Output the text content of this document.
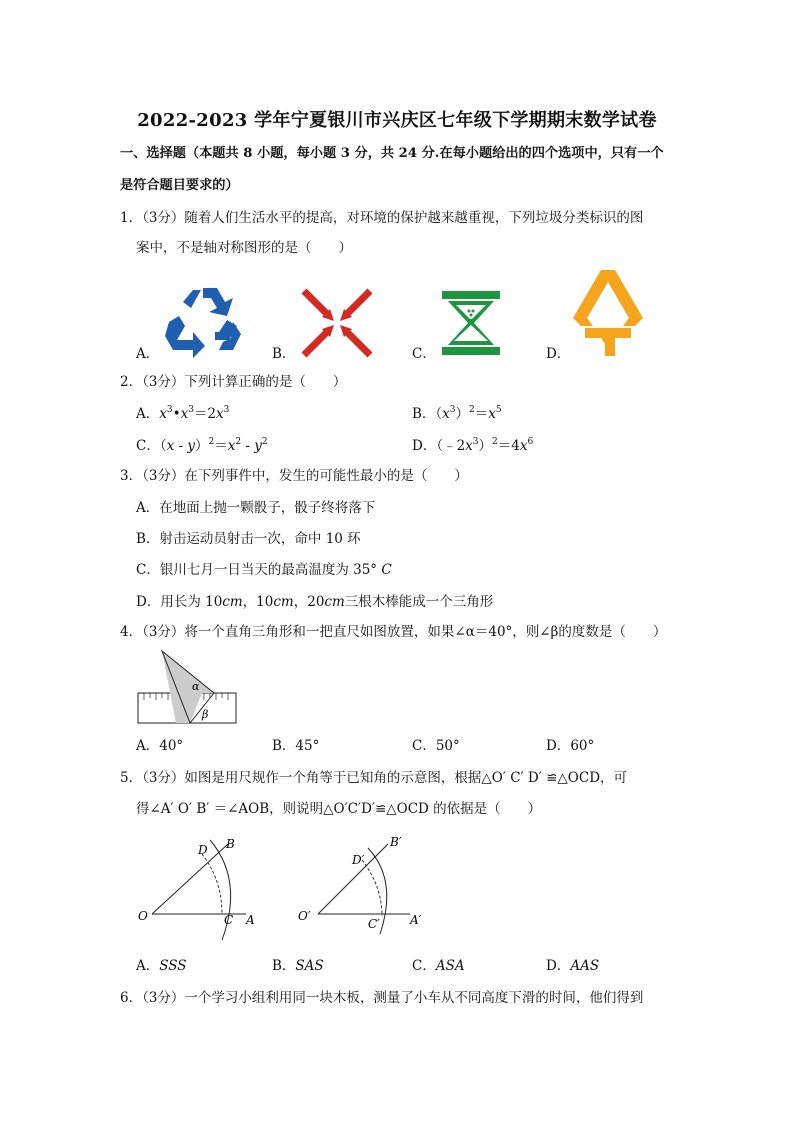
2022-2023 学年宁夏银川市兴庆区七年级下学期期末数学试卷
一、选择题（本题共 8 小题，每小题 3 分，共 24 分.在每小题给出的四个选项中，只有一个
是符合题目要求的）
1．（3分）随着人们生活水平的提高，对环境的保护越来越重视，下列垃圾分类标识的图
案中，不是轴对称图形的是（　　）
A．	B．	C．	D．
2．（3分）下列计算正确的是（　　）
A．$x^3•x^3=2x^3$	B．$(x^3)^2=x^5$
C．$(x - y)^2=x^2 - y^2$	D．$(﹣2x^3)^2=4x^6$
3．（3分）在下列事件中，发生的可能性最小的是（　　）
A．在地面上抛一颗骰子，骰子终将落下
B．射击运动员射击一次，命中 10 环
C．银川七月一日当天的最高温度为 35° C
D．用长为 10cm，10cm，20cm三根木棒能成一个三角形
4．（3分）将一个直角三角形和一把直尺如图放置，如果∠α＝40°，则∠β的度数是（　　）
α
β
A．40°	B．45°	C．50°	D．60°
5．（3分）如图是用尺规作一个角等于已知角的示意图，根据△O′ C′ D′ ≌△OCD，可
得∠A′ O′ B′ ＝∠AOB，则说明△O′C′D′≌△OCD 的依据是（　　）
O
D B
C A	O′
D′
B′
C′	A′
A．SSS	B．SAS	C．ASA	D．AAS
6．（3分）一个学习小组利用同一块木板，测量了小车从不同高度下滑的时间，他们得到
